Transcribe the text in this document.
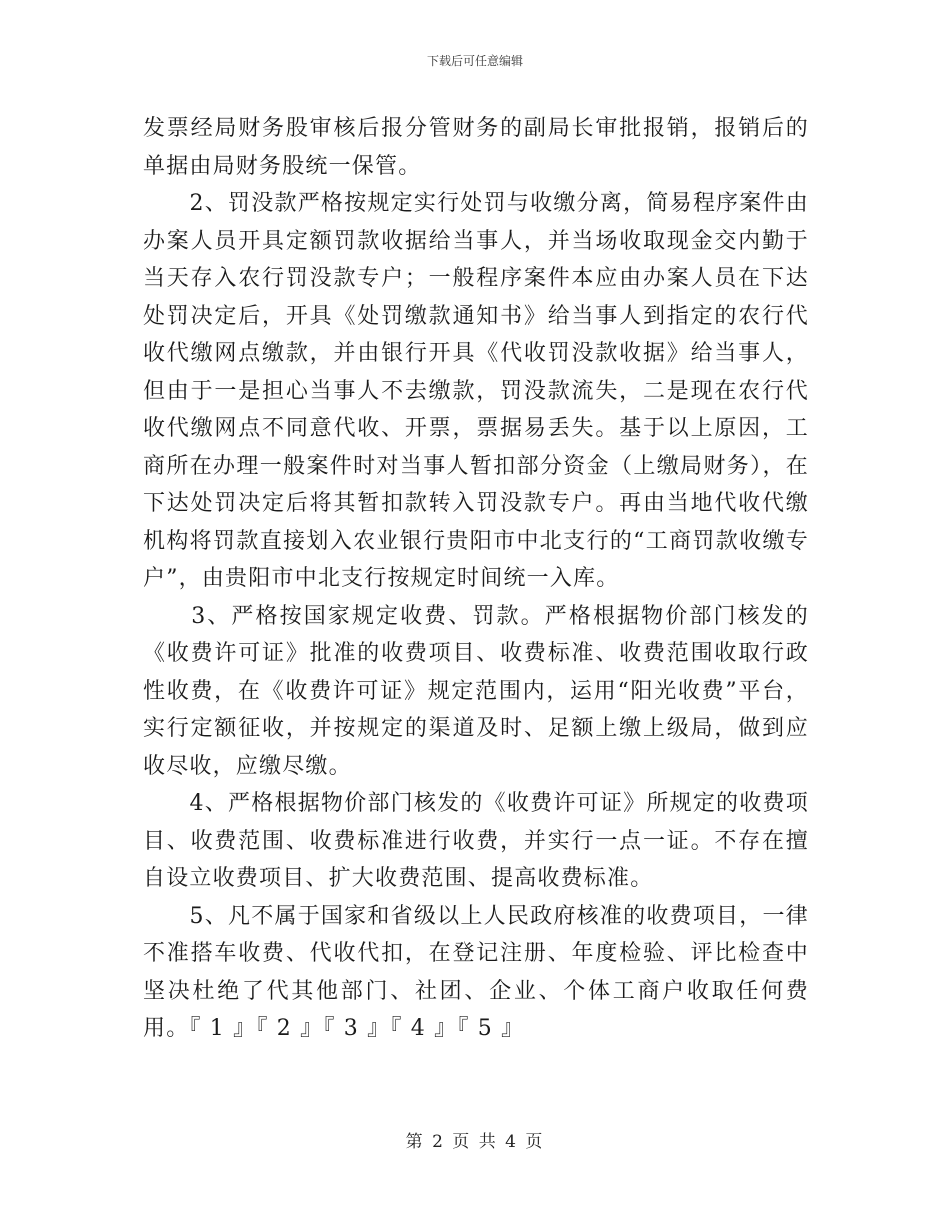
下载后可任意编辑

发票经局财务股审核后报分管财务的副局长审批报销，报销后的单据由局财务股统一保管。

　　2、罚没款严格按规定实行处罚与收缴分离，简易程序案件由办案人员开具定额罚款收据给当事人，并当场收取现金交内勤于当天存入农行罚没款专户；一般程序案件本应由办案人员在下达处罚决定后，开具《处罚缴款通知书》给当事人到指定的农行代收代缴网点缴款，并由银行开具《代收罚没款收据》给当事人，但由于一是担心当事人不去缴款，罚没款流失，二是现在农行代收代缴网点不同意代收、开票，票据易丢失。基于以上原因，工商所在办理一般案件时对当事人暂扣部分资金（上缴局财务），在下达处罚决定后将其暂扣款转入罚没款专户。再由当地代收代缴机构将罚款直接划入农业银行贵阳市中北支行的“工商罚款收缴专户”，由贵阳市中北支行按规定时间统一入库。

　　3、严格按国家规定收费、罚款。严格根据物价部门核发的《收费许可证》批准的收费项目、收费标准、收费范围收取行政性收费，在《收费许可证》规定范围内，运用“阳光收费”平台，实行定额征收，并按规定的渠道及时、足额上缴上级局，做到应收尽收，应缴尽缴。

　　4、严格根据物价部门核发的《收费许可证》所规定的收费项目、收费范围、收费标准进行收费，并实行一点一证。不存在擅自设立收费项目、扩大收费范围、提高收费标准。

　　5、凡不属于国家和省级以上人民政府核准的收费项目，一律不准搭车收费、代收代扣，在登记注册、年度检验、评比检查中坚决杜绝了代其他部门、社团、企业、个体工商户收取任何费用。『 1 』『 2 』『 3 』『 4 』『 5 』

第 2 页 共 4 页
